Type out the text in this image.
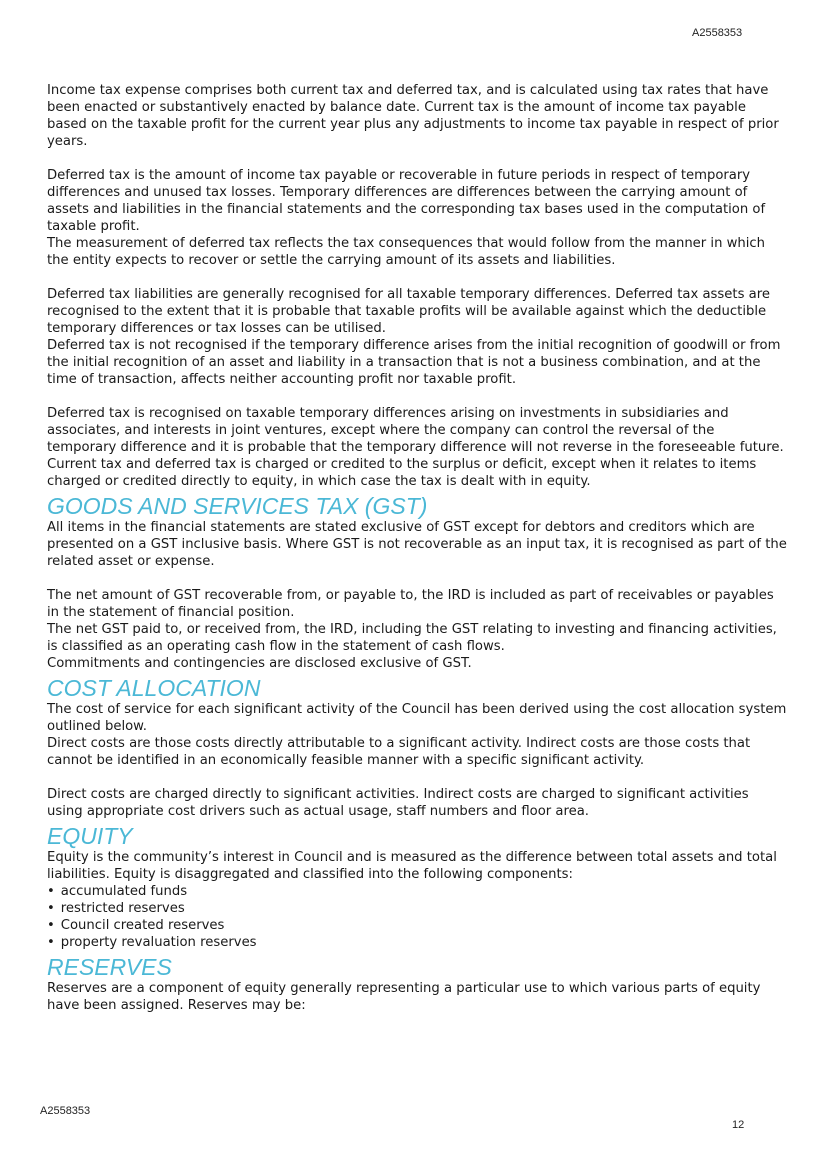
A2558353

Income tax expense comprises both current tax and deferred tax, and is calculated using tax rates that have been enacted or substantively enacted by balance date. Current tax is the amount of income tax payable based on the taxable profit for the current year plus any adjustments to income tax payable in respect of prior years.

Deferred tax is the amount of income tax payable or recoverable in future periods in respect of temporary differences and unused tax losses. Temporary differences are differences between the carrying amount of assets and liabilities in the financial statements and the corresponding tax bases used in the computation of taxable profit.

The measurement of deferred tax reflects the tax consequences that would follow from the manner in which the entity expects to recover or settle the carrying amount of its assets and liabilities.

Deferred tax liabilities are generally recognised for all taxable temporary differences. Deferred tax assets are recognised to the extent that it is probable that taxable profits will be available against which the deductible temporary differences or tax losses can be utilised.

Deferred tax is not recognised if the temporary difference arises from the initial recognition of goodwill or from the initial recognition of an asset and liability in a transaction that is not a business combination, and at the time of transaction, affects neither accounting profit nor taxable profit.

Deferred tax is recognised on taxable temporary differences arising on investments in subsidiaries and associates, and interests in joint ventures, except where the company can control the reversal of the temporary difference and it is probable that the temporary difference will not reverse in the foreseeable future.

Current tax and deferred tax is charged or credited to the surplus or deficit, except when it relates to items charged or credited directly to equity, in which case the tax is dealt with in equity.

GOODS AND SERVICES TAX (GST)

All items in the financial statements are stated exclusive of GST except for debtors and creditors which are presented on a GST inclusive basis. Where GST is not recoverable as an input tax, it is recognised as part of the related asset or expense.

The net amount of GST recoverable from, or payable to, the IRD is included as part of receivables or payables in the statement of financial position.

The net GST paid to, or received from, the IRD, including the GST relating to investing and financing activities, is classified as an operating cash flow in the statement of cash flows.

Commitments and contingencies are disclosed exclusive of GST.

COST ALLOCATION

The cost of service for each significant activity of the Council has been derived using the cost allocation system outlined below.

Direct costs are those costs directly attributable to a significant activity. Indirect costs are those costs that cannot be identified in an economically feasible manner with a specific significant activity.

Direct costs are charged directly to significant activities. Indirect costs are charged to significant activities using appropriate cost drivers such as actual usage, staff numbers and floor area.

EQUITY

Equity is the community’s interest in Council and is measured as the difference between total assets and total liabilities. Equity is disaggregated and classified into the following components:

• accumulated funds
• restricted reserves
• Council created reserves
• property revaluation reserves
RESERVES

Reserves are a component of equity generally representing a particular use to which various parts of equity have been assigned. Reserves may be:

A2558353
12
